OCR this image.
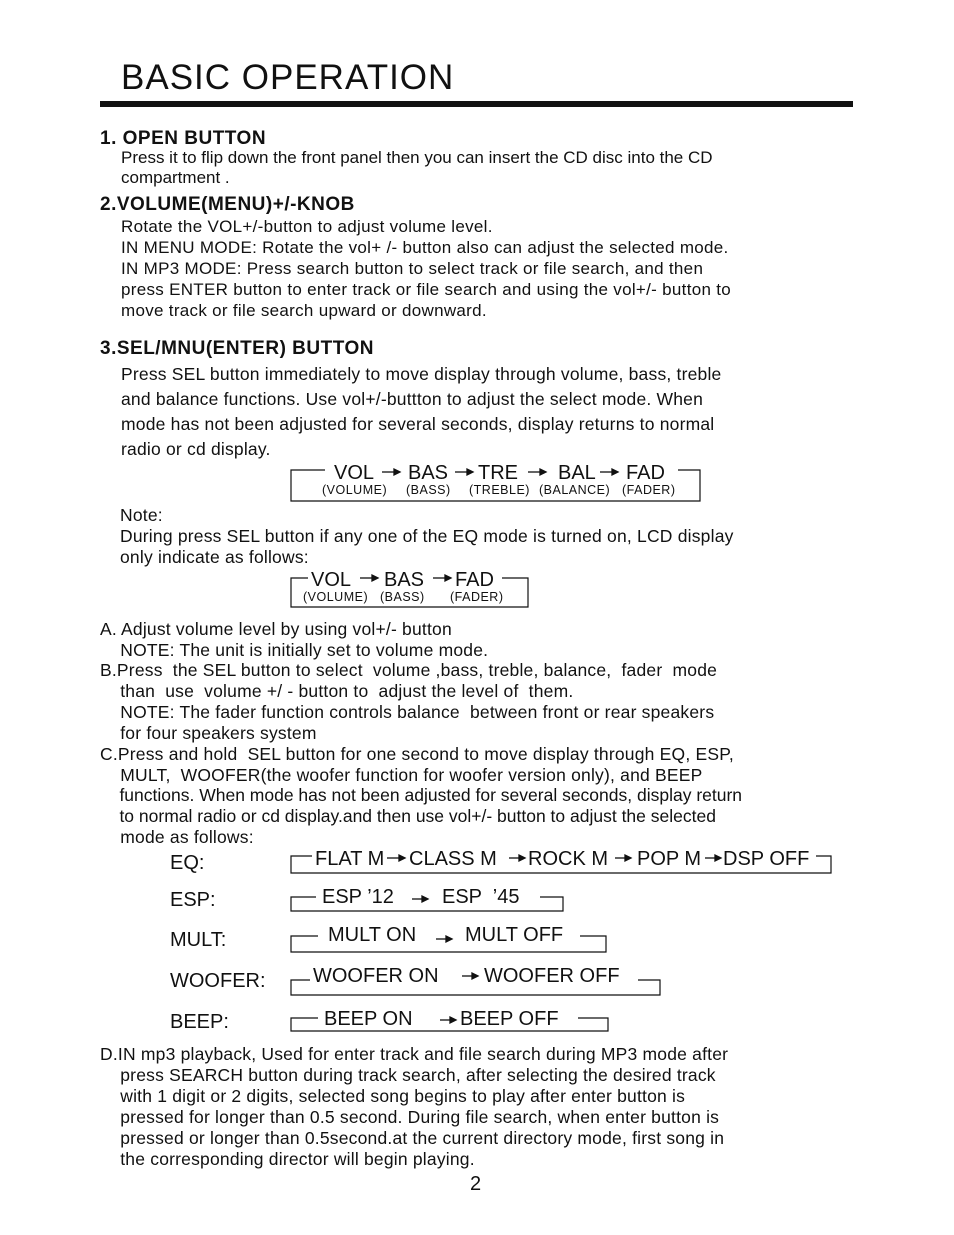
BASIC OPERATION
1. OPEN BUTTON
Press it to flip down the front panel then you can insert the CD disc into the CD
compartment .
2.VOLUME(MENU)+/-KNOB
Rotate the VOL+/-button to adjust volume level.
IN MENU MODE: Rotate the vol+ /- button also can adjust the selected mode.
IN MP3 MODE: Press search button to select track or file search, and then
press ENTER button to enter track or file search and using the vol+/- button to
move track or file search upward or downward.
3.SEL/MNU(ENTER) BUTTON
Press SEL button immediately to move display through volume, bass, treble
and balance functions. Use vol+/-buttton to adjust the select mode. When
mode has not been adjusted for several seconds, display returns to normal
radio or cd display.
VOL BAS TRE BAL FAD
(VOLUME) (BASS) (TREBLE) (BALANCE) (FADER)
Note:
During press SEL button if any one of the EQ mode is turned on, LCD display
only indicate as follows:
VOL BAS FAD
(VOLUME) (BASS) (FADER)
A. Adjust volume level by using vol+/- button
NOTE: The unit is initially set to volume mode.
B.Press  the SEL button to select  volume ,bass, treble, balance,  fader  mode
than  use  volume +/ - button to  adjust the level of  them.
NOTE: The fader function controls balance  between front or rear speakers
for four speakers system
C.Press and hold  SEL button for one second to move display through EQ, ESP,
MULT,  WOOFER(the woofer function for woofer version only), and BEEP
functions. When mode has not been adjusted for several seconds, display return
to normal radio or cd display.and then use vol+/- button to adjust the selected
mode as follows:
EQ:	FLAT M CLASS M ROCK M POP M DSP OFF
ESP:	ESP ’12 ESP  ’45
MULT:	MULT ON MULT OFF
WOOFER: WOOFER ON WOOFER OFF
BEEP:	BEEP ON BEEP OFF
D.IN mp3 playback, Used for enter track and file search during MP3 mode after
press SEARCH button during track search, after selecting the desired track
with 1 digit or 2 digits, selected song begins to play after enter button is
pressed for longer than 0.5 second. During file search, when enter button is
pressed or longer than 0.5second.at the current directory mode, first song in
the corresponding director will begin playing.
2
